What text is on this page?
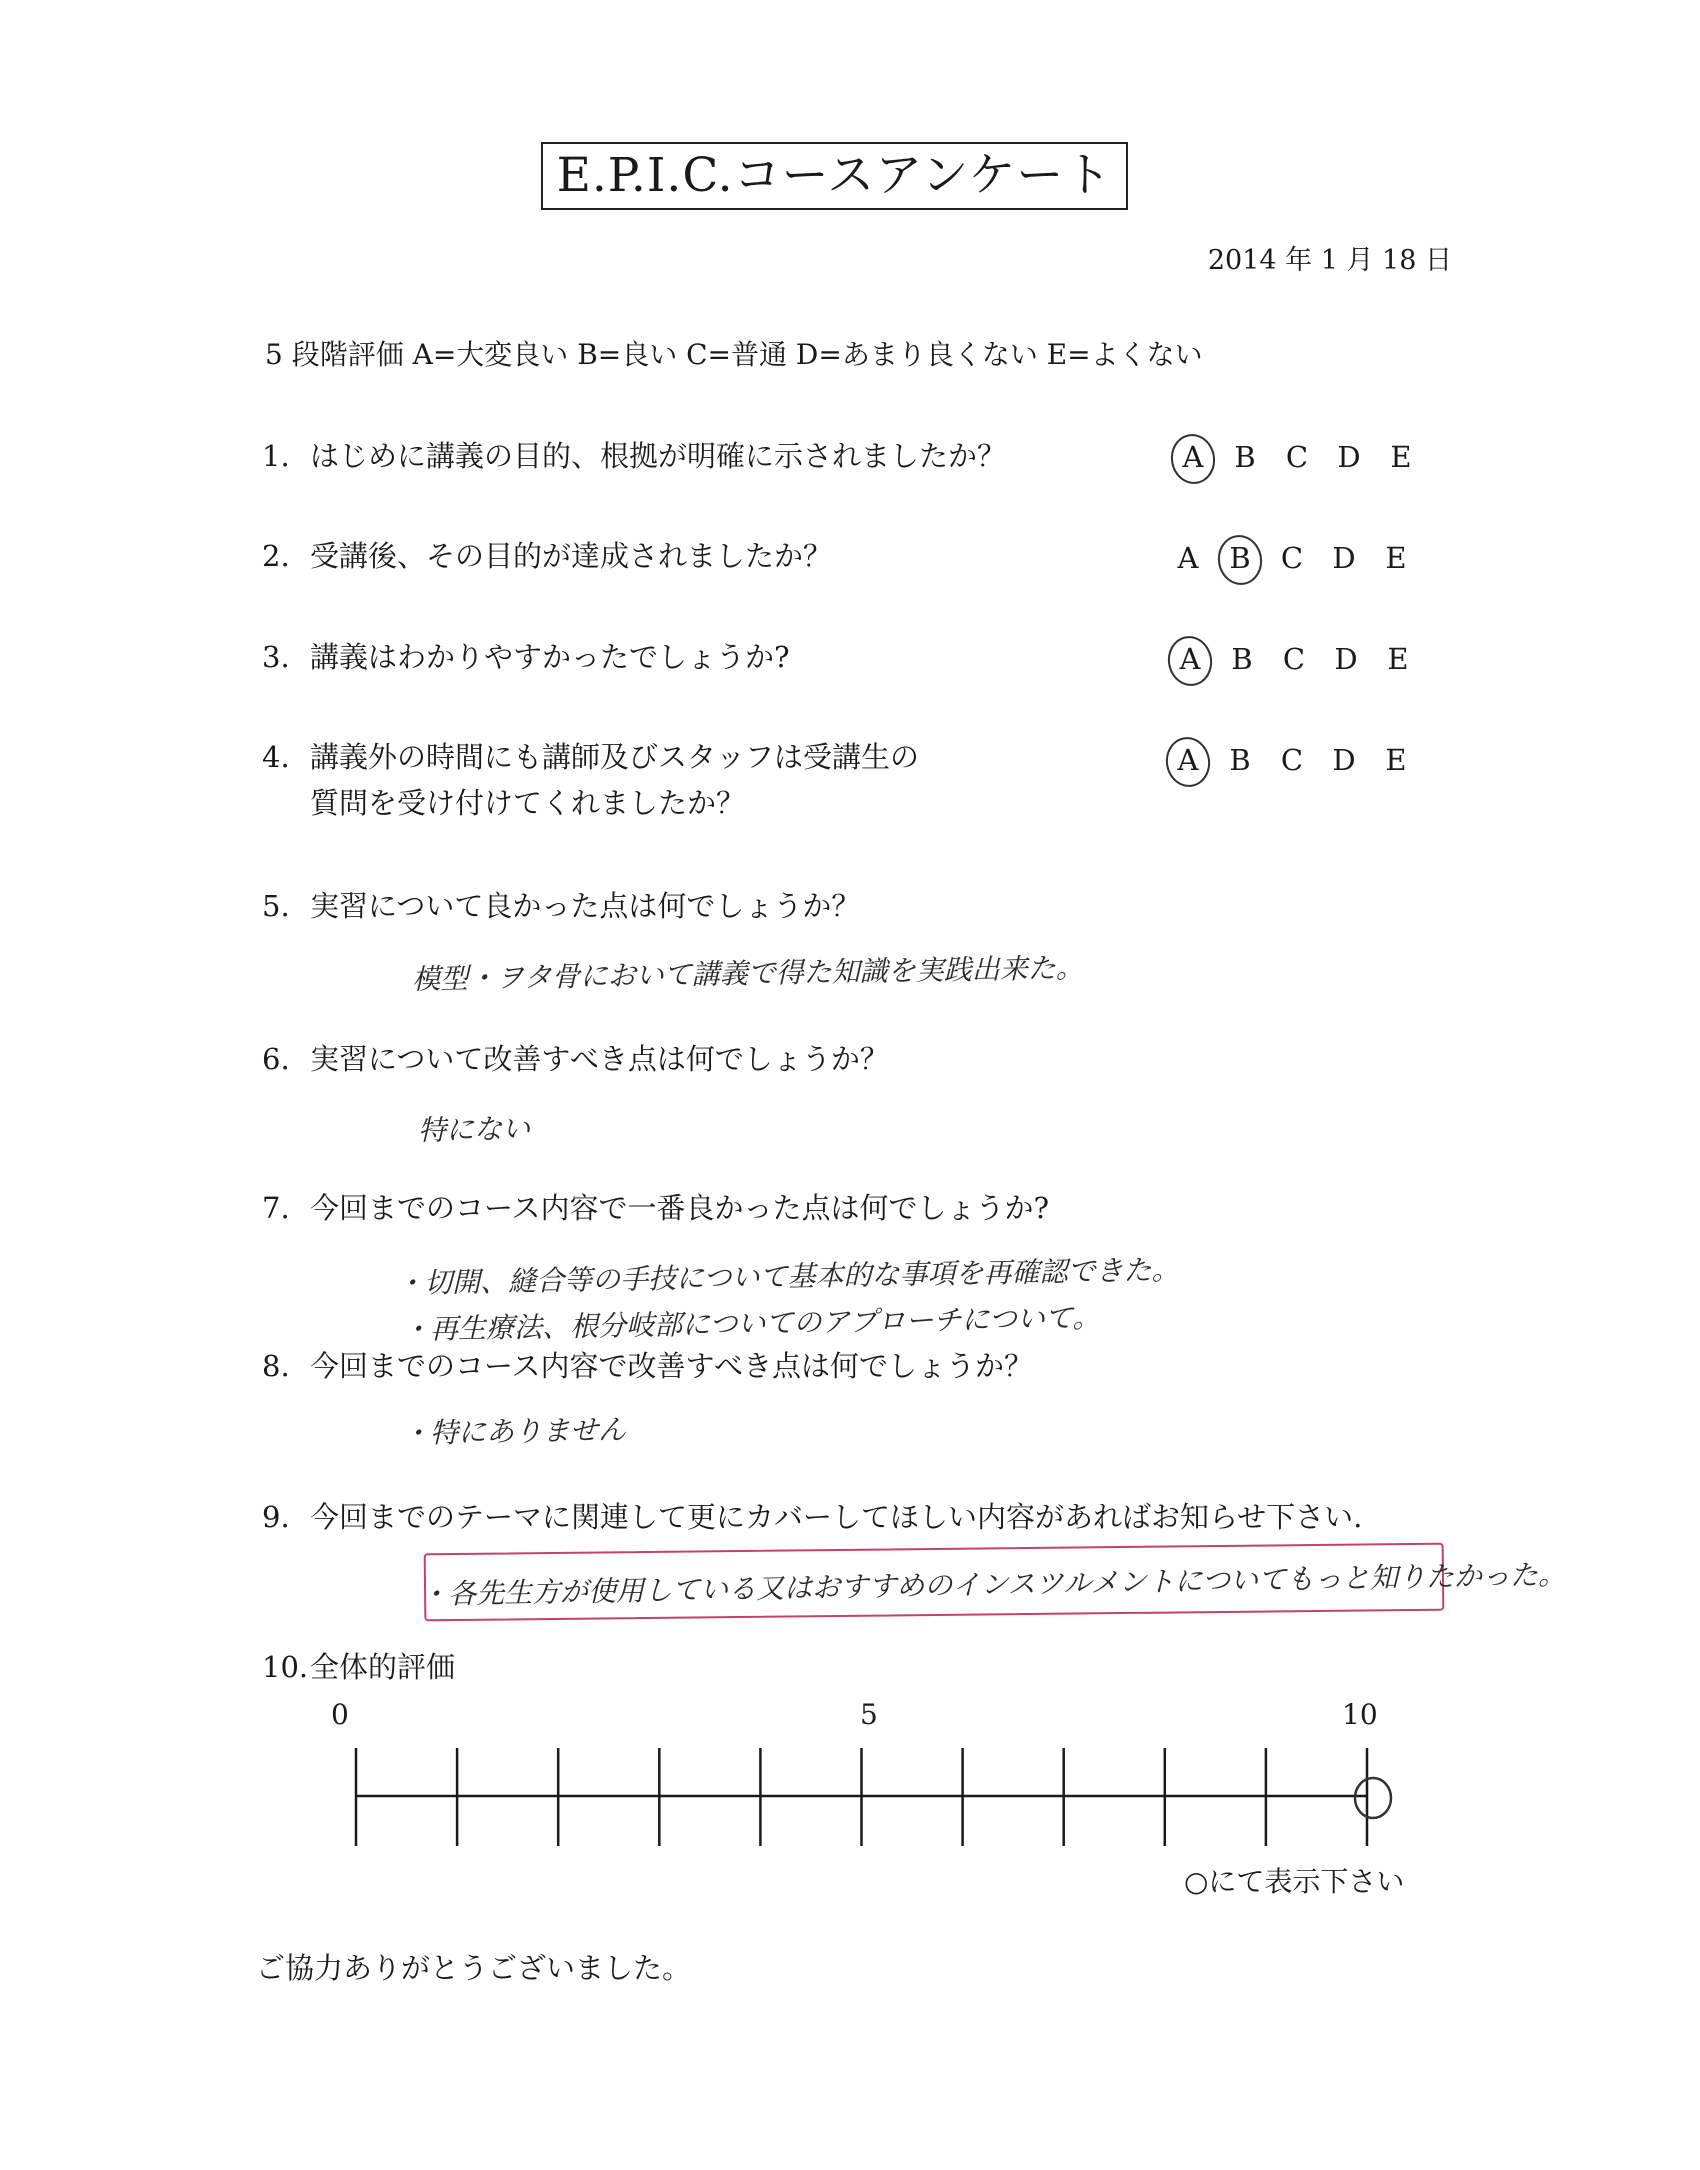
E.P.I.C.コースアンケート
2014 年 1 月 18 日
5 段階評価 A=大変良い B=良い C=普通 D=あまり良くない E=よくない
1. はじめに講義の目的、根拠が明確に示されましたか？	A B C D E
2. 受講後、その目的が達成されましたか？	A B C D E
3. 講義はわかりやすかったでしょうか?	A B C D E
4. 講義外の時間にも講師及びスタッフは受講生の
質問を受け付けてくれましたか？
A B C D E
5. 実習について良かった点は何でしょうか？
模型・ヲタ骨において講義で得た知識を実践出来た。
6. 実習について改善すべき点は何でしょうか？
特にない
7. 今回までのコース内容で一番良かった点は何でしょうか?
・切開、縫合等の手技について基本的な事項を再確認できた。
・再生療法、根分岐部についてのアプローチについて。
8. 今回までのコース内容で改善すべき点は何でしょうか？
・特にありません
9. 今回までのテーマに関連して更にカバーしてほしい内容があればお知らせ下さい.
・各先生方が使用している又はおすすめのインスツルメントについてもっと知りたかった。
10.全体的評価
0	5	10
○にて表示下さい
ご協力ありがとうございました。
